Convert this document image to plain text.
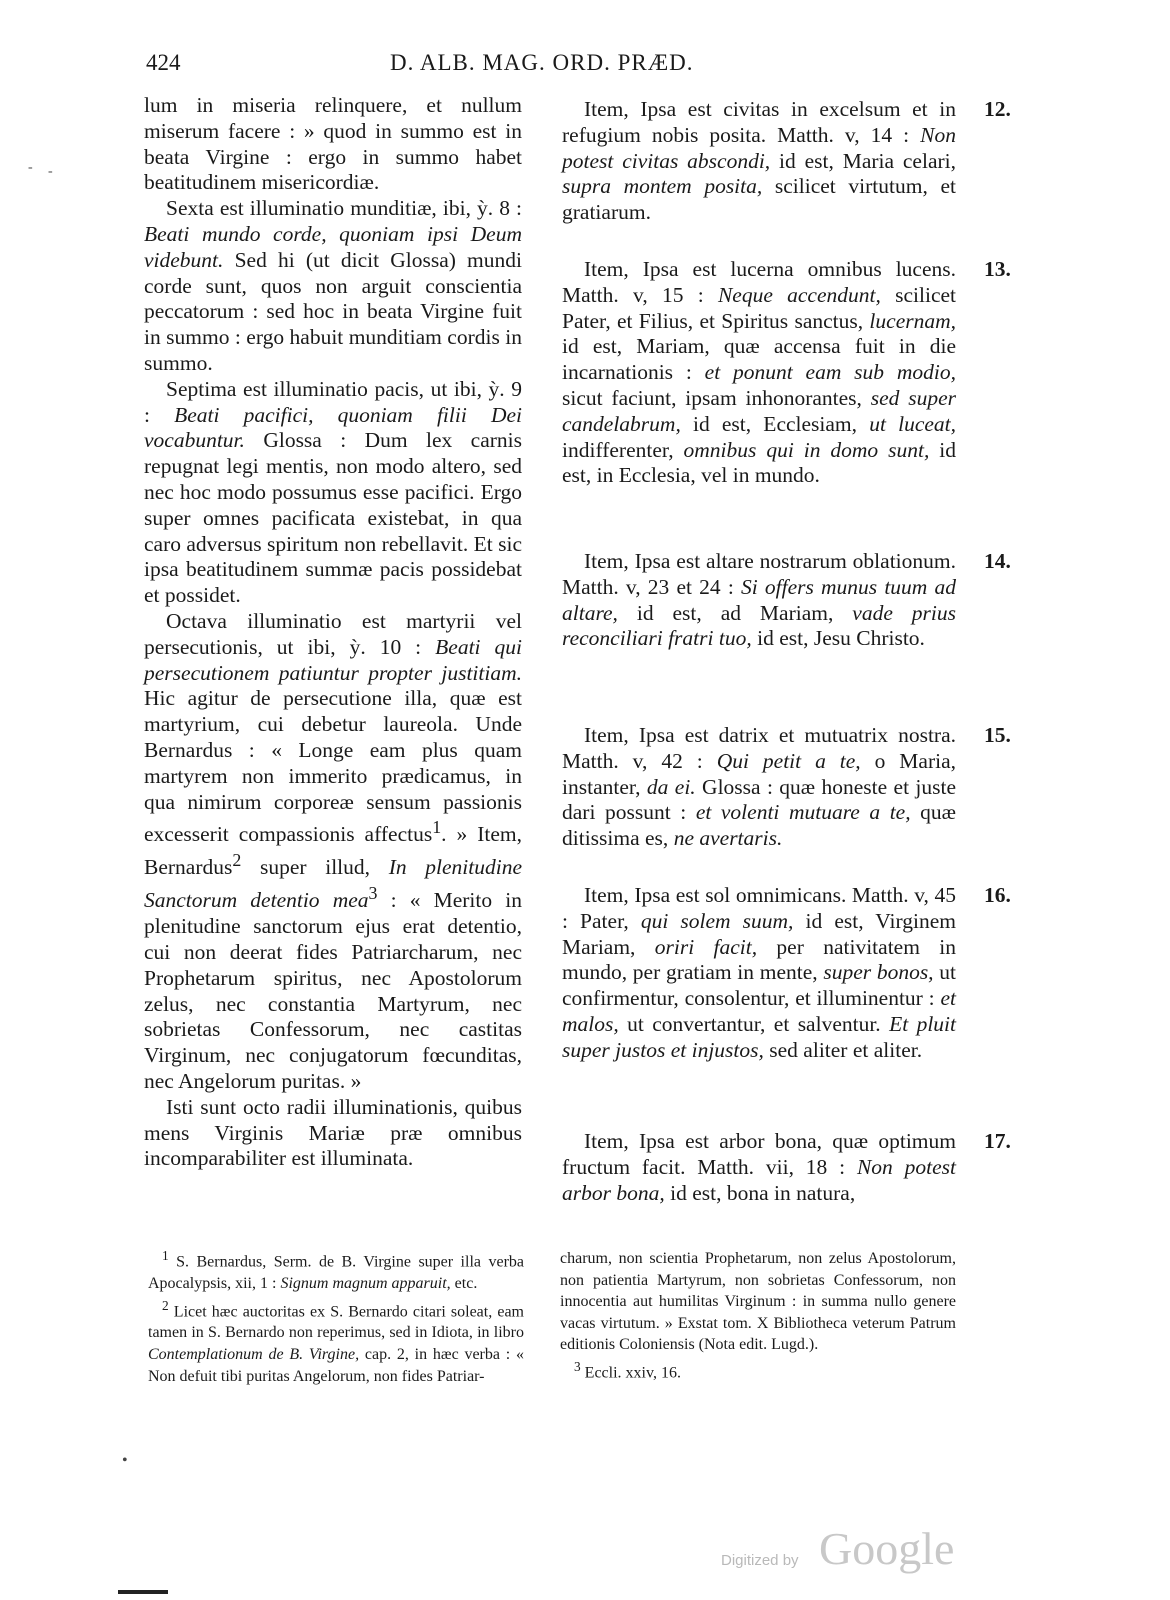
424	D. ALB. MAG. ORD. PRÆD.

lum in miseria relinquere, et nullum miserum facere : » quod in summo est in beata Virgine : ergo in summo habet beatitudinem misericordiæ.

Sexta est illuminatio munditiæ, ibi, ỳ. 8 : Beati mundo corde, quoniam ipsi Deum videbunt. Sed hi (ut dicit Glossa) mundi corde sunt, quos non arguit conscientia peccatorum : sed hoc in beata Virgine fuit in summo : ergo habuit munditiam cordis in summo.

Septima est illuminatio pacis, ut ibi, ỳ. 9 : Beati pacifici, quoniam filii Dei vocabuntur. Glossa : Dum lex carnis repugnat legi mentis, non modo altero, sed nec hoc modo possumus esse pacifici. Ergo super omnes pacificata existebat, in qua caro adversus spiritum non rebellavit. Et sic ipsa beatitudinem summæ pacis possidebat et possidet.

Octava illuminatio est martyrii vel persecutionis, ut ibi, ỳ. 10 : Beati qui persecutionem patiuntur propter justitiam. Hic agitur de persecutione illa, quæ est martyrium, cui debetur laureola. Unde Bernardus : « Longe eam plus quam martyrem non immerito prædicamus, in qua nimirum corporeæ sensum passionis excesserit compassionis affectus$^1$. » Item, Bernardus$^2$ super illud, In plenitudine Sanctorum detentio mea$^3$ : « Merito in plenitudine sanctorum ejus erat detentio, cui non deerat fides Patriarcharum, nec Prophetarum spiritus, nec Apostolorum zelus, nec constantia Martyrum, nec sobrietas Confessorum, nec castitas Virginum, nec conjugatorum fœcunditas, nec Angelorum puritas. »

Isti sunt octo radii illuminationis, quibus mens Virginis Mariæ præ omnibus incomparabiliter est illuminata.

Item, Ipsa est civitas in excelsum et in refugium nobis posita. Matth. v, 14 : Non potest civitas abscondi, id est, Maria celari, supra montem posita, scilicet virtutum, et gratiarum.

Item, Ipsa est lucerna omnibus lucens. Matth. v, 15 : Neque accendunt, scilicet Pater, et Filius, et Spiritus sanctus, lucernam, id est, Mariam, quæ accensa fuit in die incarnationis : et ponunt eam sub modio, sicut faciunt, ipsam inhonorantes, sed super candelabrum, id est, Ecclesiam, ut luceat, indifferenter, omnibus qui in domo sunt, id est, in Ecclesia, vel in mundo.

Item, Ipsa est altare nostrarum oblationum. Matth. v, 23 et 24 : Si offers munus tuum ad altare, id est, ad Mariam, vade prius reconciliari fratri tuo, id est, Jesu Christo.

Item, Ipsa est datrix et mutuatrix nostra. Matth. v, 42 : Qui petit a te, o Maria, instanter, da ei. Glossa : quæ honeste et juste dari possunt : et volenti mutuare a te, quæ ditissima es, ne avertaris.

Item, Ipsa est sol omnimicans. Matth. v, 45 : Pater, qui solem suum, id est, Virginem Mariam, oriri facit, per nativitatem in mundo, per gratiam in mente, super bonos, ut confirmentur, consolentur, et illuminentur : et malos, ut convertantur, et salventur. Et pluit super justos et injustos, sed aliter et aliter.

Item, Ipsa est arbor bona, quæ optimum fructum facit. Matth. vii, 18 : Non potest arbor bona, id est, bona in natura,

12.
13.
14.
15.
16.
17.

$^1$ S. Bernardus, Serm. de B. Virgine super illa verba Apocalypsis, xii, 1 : Signum magnum apparuit, etc.

$^2$ Licet hæc auctoritas ex S. Bernardo citari soleat, eam tamen in S. Bernardo non reperimus, sed in Idiota, in libro Contemplationum de B. Virgine, cap. 2, in hæc verba : « Non defuit tibi puritas Angelorum, non fides Patriar-

charum, non scientia Prophetarum, non zelus Apostolorum, non patientia Martyrum, non sobrietas Confessorum, non innocentia aut humilitas Virginum : in summa nullo genere vacas virtutum. » Exstat tom. X Bibliotheca veterum Patrum editionis Coloniensis (Nota edit. Lugd.).

$^3$ Eccli. xxiv, 16.

- -
•
Digitized by Google
